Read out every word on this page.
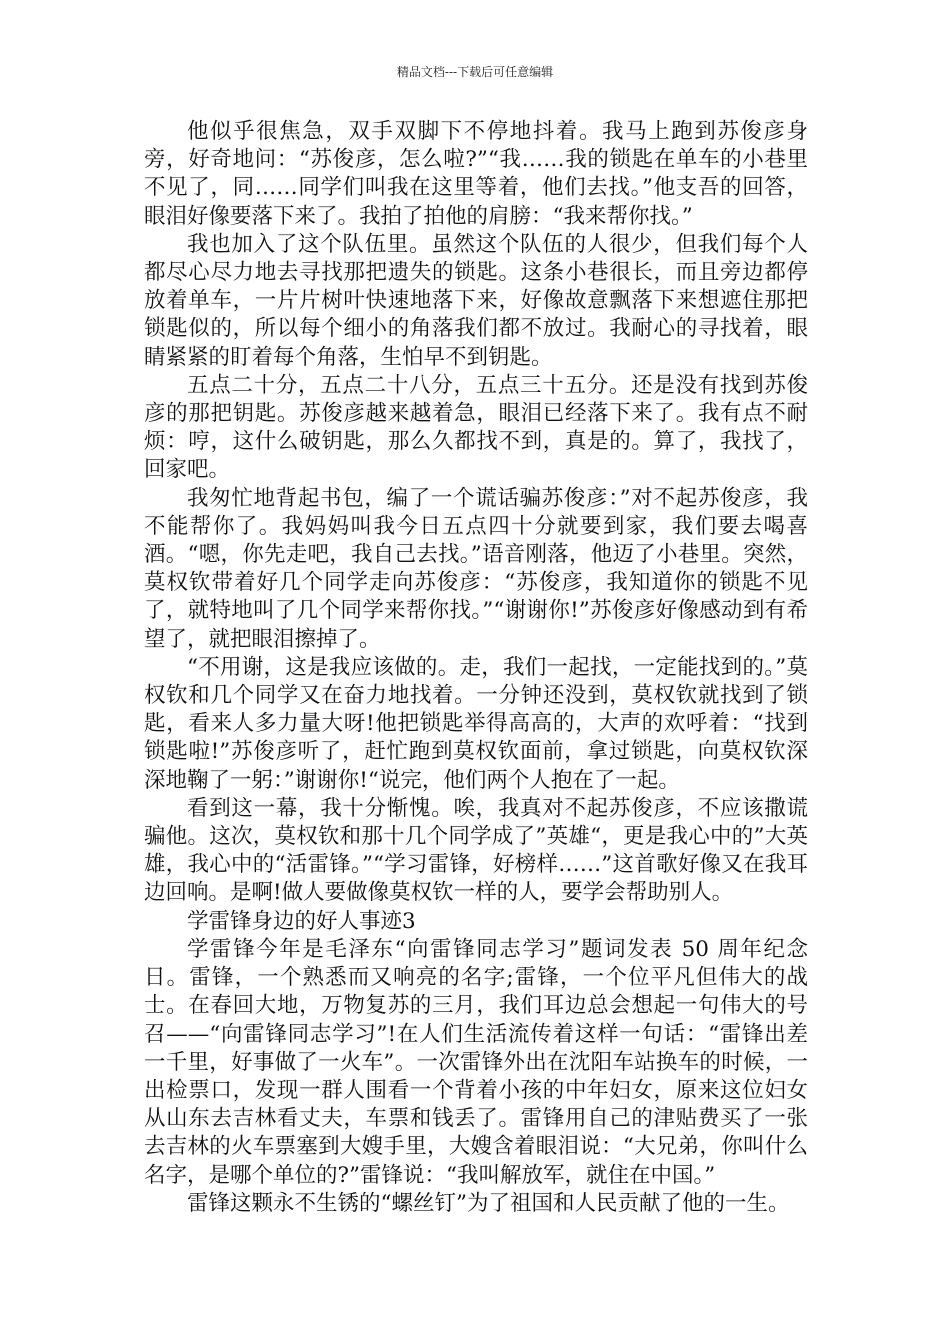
精品文档---下载后可任意编辑

他似乎很焦急，双手双脚下不停地抖着。我马上跑到苏俊彦身旁，好奇地问：“苏俊彦，怎么啦?”“我……我的锁匙在单车的小巷里不见了，同……同学们叫我在这里等着，他们去找。”他支吾的回答，眼泪好像要落下来了。我拍了拍他的肩膀：“我来帮你找。”

我也加入了这个队伍里。虽然这个队伍的人很少，但我们每个人都尽心尽力地去寻找那把遗失的锁匙。这条小巷很长，而且旁边都停放着单车，一片片树叶快速地落下来，好像故意飘落下来想遮住那把锁匙似的，所以每个细小的角落我们都不放过。我耐心的寻找着，眼睛紧紧的盯着每个角落，生怕早不到钥匙。

五点二十分，五点二十八分，五点三十五分。还是没有找到苏俊彦的那把钥匙。苏俊彦越来越着急，眼泪已经落下来了。我有点不耐烦：哼，这什么破钥匙，那么久都找不到，真是的。算了，我找了，回家吧。

我匆忙地背起书包，编了一个谎话骗苏俊彦：”对不起苏俊彦，我不能帮你了。我妈妈叫我今日五点四十分就要到家，我们要去喝喜酒。“嗯，你先走吧，我自己去找。”语音刚落，他迈了小巷里。突然，莫权钦带着好几个同学走向苏俊彦：“苏俊彦，我知道你的锁匙不见了，就特地叫了几个同学来帮你找。”“谢谢你!”苏俊彦好像感动到有希望了，就把眼泪擦掉了。

“不用谢，这是我应该做的。走，我们一起找，一定能找到的。”莫权钦和几个同学又在奋力地找着。一分钟还没到，莫权钦就找到了锁匙，看来人多力量大呀!他把锁匙举得高高的，大声的欢呼着：“找到锁匙啦!”苏俊彦听了，赶忙跑到莫权钦面前，拿过锁匙，向莫权钦深深地鞠了一躬：”谢谢你!“说完，他们两个人抱在了一起。

看到这一幕，我十分惭愧。唉，我真对不起苏俊彦，不应该撒谎骗他。这次，莫权钦和那十几个同学成了”英雄“，更是我心中的”大英雄，我心中的“活雷锋。”“学习雷锋，好榜样……”这首歌好像又在我耳边回响。是啊!做人要做像莫权钦一样的人，要学会帮助别人。

学雷锋身边的好人事迹3

学雷锋今年是毛泽东“向雷锋同志学习”题词发表 50 周年纪念日。雷锋，一个熟悉而又响亮的名字;雷锋，一个位平凡但伟大的战士。在春回大地，万物复苏的三月，我们耳边总会想起一句伟大的号召——“向雷锋同志学习”!在人们生活流传着这样一句话：“雷锋出差一千里，好事做了一火车”。一次雷锋外出在沈阳车站换车的时候，一出检票口，发现一群人围看一个背着小孩的中年妇女，原来这位妇女从山东去吉林看丈夫，车票和钱丢了。雷锋用自己的津贴费买了一张去吉林的火车票塞到大嫂手里，大嫂含着眼泪说：“大兄弟，你叫什么名字，是哪个单位的?”雷锋说：“我叫解放军，就住在中国。”

雷锋这颗永不生锈的“螺丝钉”为了祖国和人民贡献了他的一生。
